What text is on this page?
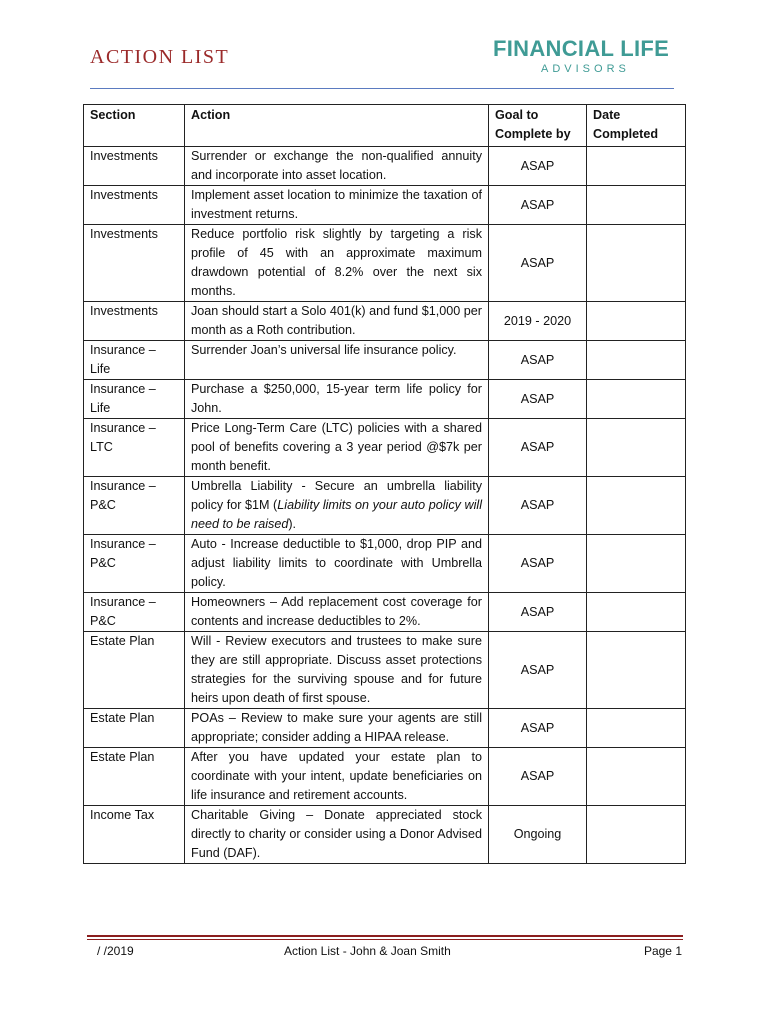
ACTION LIST	FINANCIAL LIFE
ADVISORS
Section	Action	Goal to Complete by	Date Completed
Investments	Surrender or exchange the non-qualified annuity and incorporate into asset location.	ASAP	
Investments	Implement asset location to minimize the taxation of investment returns.	ASAP	
Investments	Reduce portfolio risk slightly by targeting a risk profile of 45 with an approximate maximum drawdown potential of 8.2% over the next six months.	ASAP	
Investments	Joan should start a Solo 401(k) and fund $1,000 per month as a Roth contribution.	2019 - 2020	
Insurance – Life	Surrender Joan’s universal life insurance policy.	ASAP	
Insurance – Life	Purchase a $250,000, 15-year term life policy for John.	ASAP	
Insurance – LTC	Price Long-Term Care (LTC) policies with a shared pool of benefits covering a 3 year period @$7k per month benefit.	ASAP	
Insurance – P&C	Umbrella Liability - Secure an umbrella liability policy for $1M (Liability limits on your auto policy will need to be raised).	ASAP	
Insurance – P&C	Auto - Increase deductible to $1,000, drop PIP and adjust liability limits to coordinate with Umbrella policy.	ASAP	
Insurance – P&C	Homeowners – Add replacement cost coverage for contents and increase deductibles to 2%.	ASAP	
Estate Plan	Will - Review executors and trustees to make sure they are still appropriate. Discuss asset protections strategies for the surviving spouse and for future heirs upon death of first spouse.	ASAP	
Estate Plan	POAs – Review to make sure your agents are still appropriate; consider adding a HIPAA release.	ASAP	
Estate Plan	After you have updated your estate plan to coordinate with your intent, update beneficiaries on life insurance and retirement accounts.	ASAP	
Income Tax	Charitable Giving – Donate appreciated stock directly to charity or consider using a Donor Advised Fund (DAF).	Ongoing	
/ /2019	Action List - John & Joan Smith	Page 1
